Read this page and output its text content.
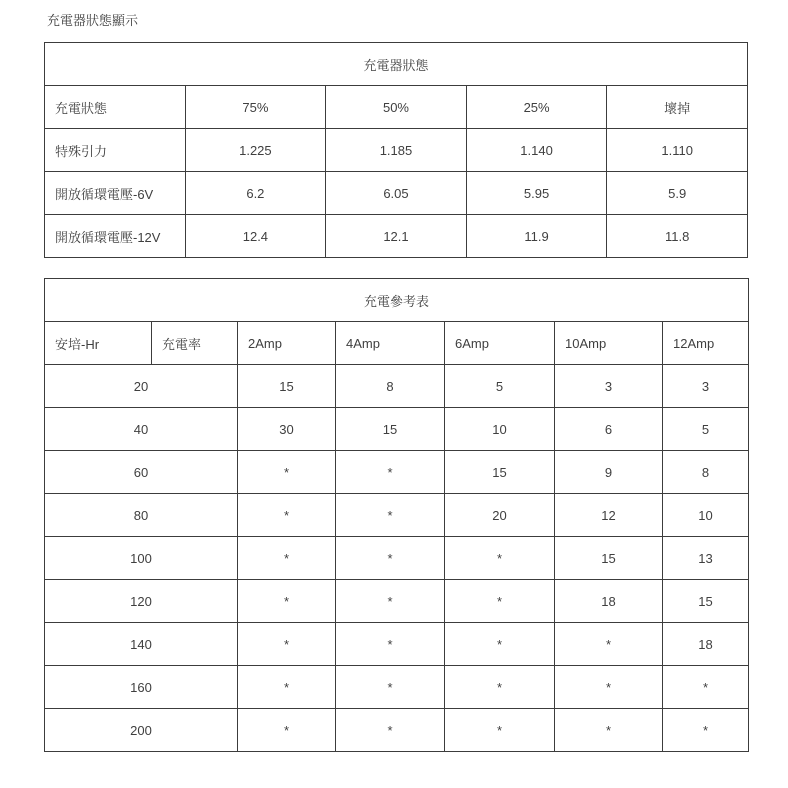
充電器狀態顯示

充電器狀態				
充電狀態	75%	50%	25%	壞掉
特殊引力	1.225	1.185	1.140	1.110
開放循環電壓-6V	6.2	6.05	5.95	5.9
開放循環電壓-12V	12.4	12.1	11.9	11.8
充電參考表						
安培-Hr	充電率	2Amp	4Amp	6Amp	10Amp	12Amp
20		15	8	5	3	3
40		30	15	10	6	5
60		*	*	15	9	8
80		*	*	20	12	10
100		*	*	*	15	13
120		*	*	*	18	15
140		*	*	*	*	18
160		*	*	*	*	*
200		*	*	*	*	*
